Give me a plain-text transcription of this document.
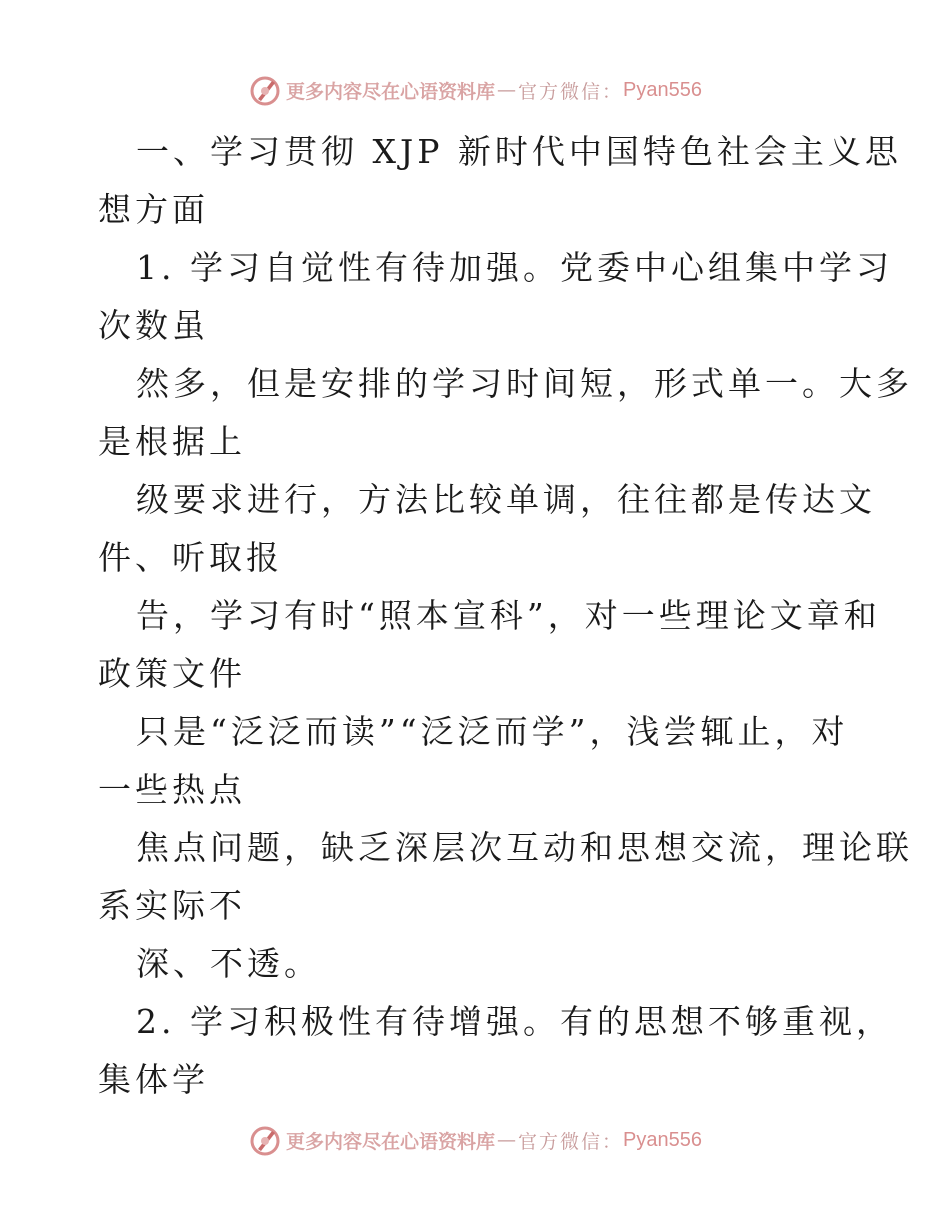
更多内容尽在心语资料库 — 官方微信： Pyan556
一、学习贯彻 XJP 新时代中国特色社会主义思
想方面
1. 学习自觉性有待加强。党委中心组集中学习
次数虽
然多，但是安排的学习时间短，形式单一。大多
是根据上
级要求进行，方法比较单调，往往都是传达文
件、听取报
告，学习有时“照本宣科”，对一些理论文章和
政策文件
只是“泛泛而读”“泛泛而学”，浅尝辄止，对
一些热点
焦点问题，缺乏深层次互动和思想交流，理论联
系实际不
深、不透。
2. 学习积极性有待增强。有的思想不够重视，
集体学
更多内容尽在心语资料库 — 官方微信： Pyan556
